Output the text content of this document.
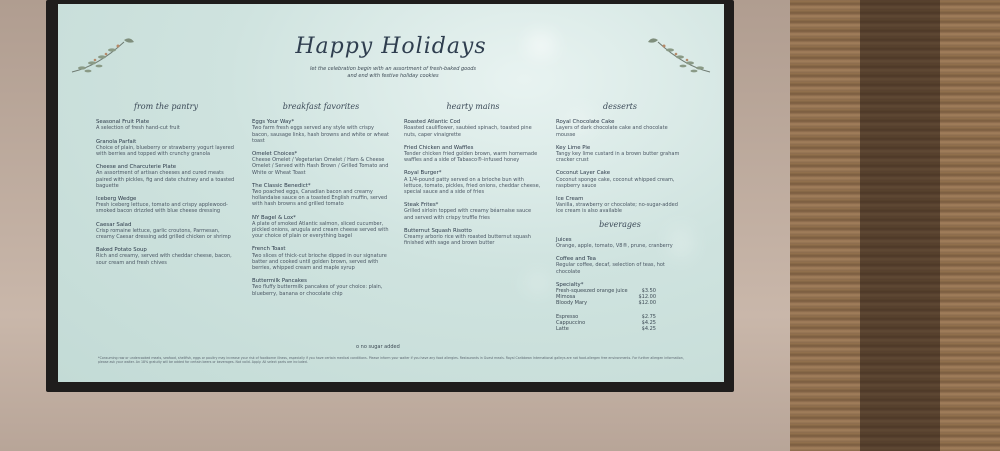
Happy Holidays
let the celebration begin with an assortment of fresh-baked goods and end with festive holiday cookies
from the pantry
Seasonal Fruit Plate
A selection of fresh hand-cut fruit
Granola Parfait
Choice of plain, blueberry or strawberry yogurt layered with berries and topped with crunchy granola
Cheese and Charcuterie Plate
An assortment of artisan cheeses and cured meats paired with pickles, fig and date chutney and a toasted baguette
Iceberg Wedge
Fresh iceberg lettuce, tomato and crispy applewood-smoked bacon drizzled with blue cheese dressing
Caesar Salad
Crisp romaine lettuce, garlic croutons, Parmesan, creamy Caesar dressing add grilled chicken or shrimp
Baked Potato Soup
Rich and creamy, served with cheddar cheese, bacon, sour cream and fresh chives
breakfast favorites
Eggs Your Way*
Two farm fresh eggs served any style with crispy bacon, sausage links, hash browns and white or wheat toast
Omelet Choices*
Cheese Omelet / Vegetarian Omelet / Ham & Cheese Omelet / Served with Hash Brown / Grilled Tomato and White or Wheat Toast
The Classic Benedict*
Two poached eggs, Canadian bacon and creamy hollandaise sauce on a toasted English muffin, served with hash browns and grilled tomato
NY Bagel & Lox*
A plate of smoked Atlantic salmon, sliced cucumber, pickled onions, arugula and cream cheese served with your choice of plain or everything bagel
French Toast
Two slices of thick-cut brioche dipped in our signature batter and cooked until golden brown, served with berries, whipped cream and maple syrup
Buttermilk Pancakes
Two fluffy buttermilk pancakes of your choice: plain, blueberry, banana or chocolate chip
hearty mains
Roasted Atlantic Cod
Roasted cauliflower, sautéed spinach, toasted pine nuts, caper vinaigrette
Fried Chicken and Waffles
Tender chicken fried golden brown, warm homemade waffles and a side of Tabasco®-infused honey
Royal Burger*
A 1/4-pound patty served on a brioche bun with lettuce, tomato, pickles, fried onions, cheddar cheese, special sauce and a side of fries
Steak Frites*
Grilled sirloin topped with creamy béarnaise sauce and served with crispy truffle fries
Butternut Squash Risotto
Creamy arborio rice with roasted butternut squash finished with sage and brown butter
desserts
Royal Chocolate Cake
Layers of dark chocolate cake and chocolate mousse
Key Lime Pie
Tangy key lime custard in a brown butter graham cracker crust
Coconut Layer Cake
Coconut sponge cake, coconut whipped cream, raspberry sauce
Ice Cream
Vanilla, strawberry or chocolate; no-sugar-added ice cream is also available
beverages
Juices
Orange, apple, tomato, V8®, prune, cranberry
Coffee and Tea
Regular coffee, decaf, selection of teas, hot chocolate
Specialty*
Fresh-squeezed orange juice	$3.50
Mimosa	$12.00
Bloody Mary	$12.00
Espresso	$2.75
Cappuccino	$4.25
Latte	$4.25
o no sugar added
*Consuming raw or undercooked meats, seafood, shellfish, eggs or poultry may increase your risk of foodborne illness, especially if you have certain medical conditions. Please inform your waiter if you have any food allergies. Restaurants in Guest meals. Royal Caribbean International galleys are not food-allergen free environments. For further allergen information, please ask your waiter. An 18% gratuity will be added for certain beers or beverages. Not valid. Apply. All select parts are included.
